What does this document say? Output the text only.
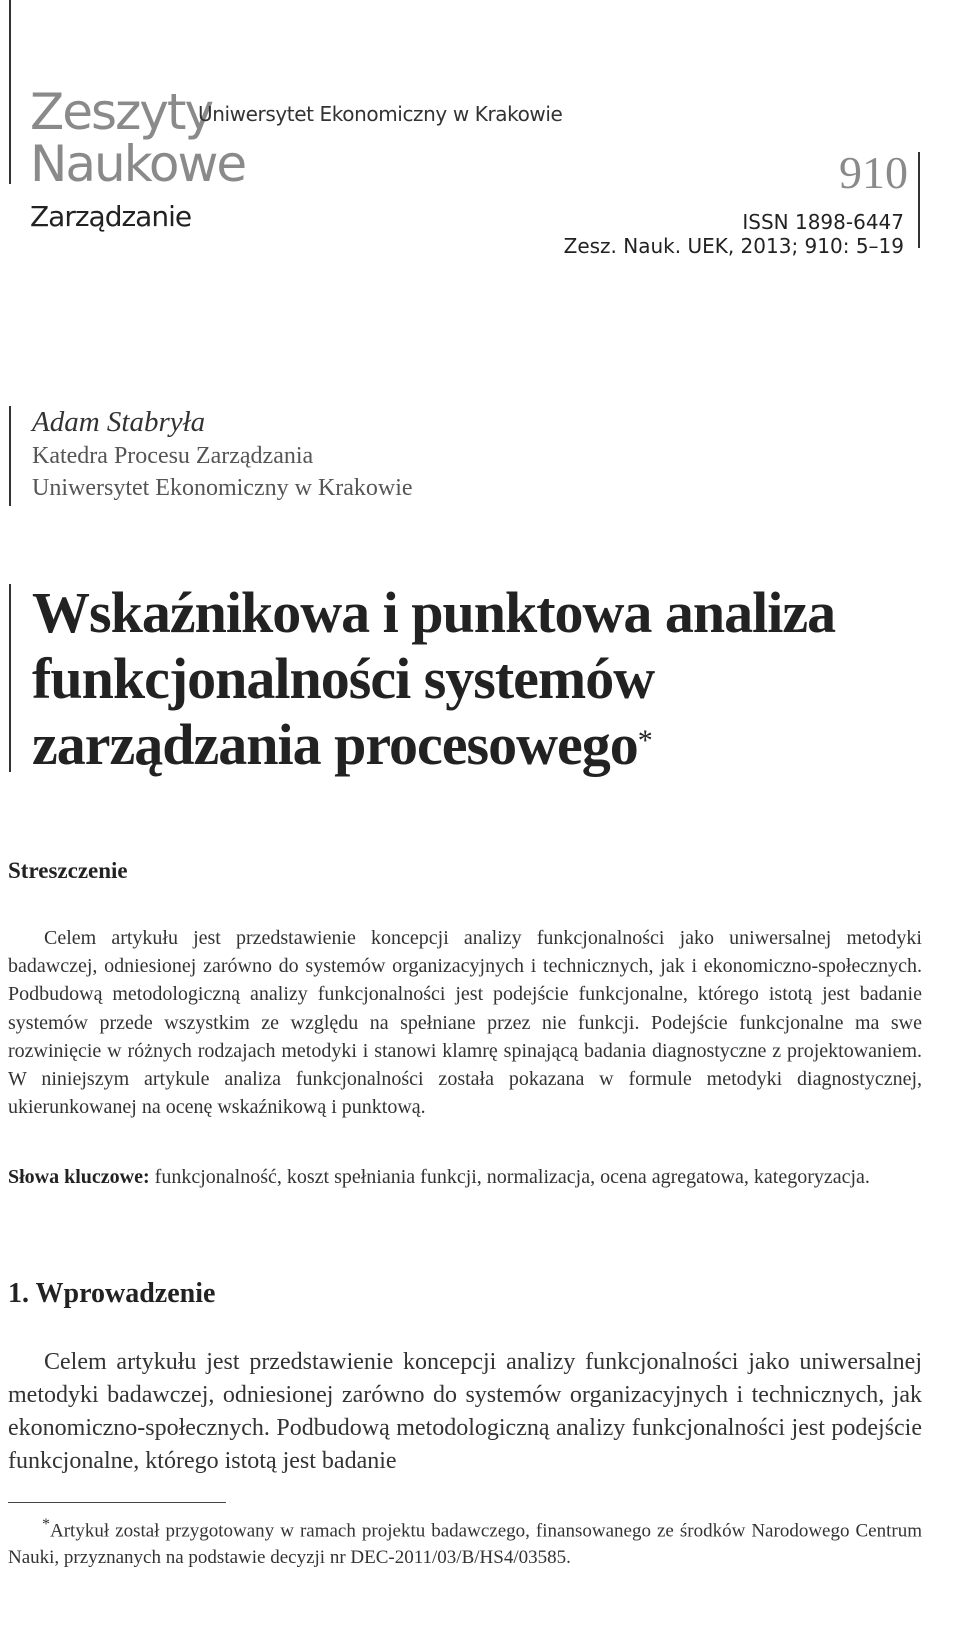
Zeszyty
Naukowe
Uniwersytet Ekonomiczny w Krakowie
Zarządzanie
910
ISSN 1898-6447
Zesz. Nauk. UEK, 2013; 910: 5–19
Adam Stabryła
Katedra Procesu Zarządzania
Uniwersytet Ekonomiczny w Krakowie
Wskaźnikowa i punktowa analiza funkcjonalności systemów zarządzania procesowego*
Streszczenie

Celem artykułu jest przedstawienie koncepcji analizy funkcjonalności jako uniwersalnej metodyki badawczej, odniesionej zarówno do systemów organizacyjnych i technicznych, jak i ekonomiczno-społecznych. Podbudową metodologiczną analizy funkcjonalności jest podejście funkcjonalne, którego istotą jest badanie systemów przede wszystkim ze względu na spełniane przez nie funkcji. Podejście funkcjonalne ma swe rozwinięcie w różnych rodzajach metodyki i stanowi klamrę spinającą badania diagnostyczne z projektowaniem. W niniejszym artykule analiza funkcjonalności została pokazana w formule metodyki diagnostycznej, ukierunkowanej na ocenę wskaźnikową i punktową.

Słowa kluczowe: funkcjonalność, koszt spełniania funkcji, normalizacja, ocena agregatowa, kategoryzacja.

1. Wprowadzenie

Celem artykułu jest przedstawienie koncepcji analizy funkcjonalności jako uniwersalnej metodyki badawczej, odniesionej zarówno do systemów organizacyjnych i technicznych, jak ekonomiczno-społecznych. Podbudową metodologiczną analizy funkcjonalności jest podejście funkcjonalne, którego istotą jest badanie

*Artykuł został przygotowany w ramach projektu badawczego, finansowanego ze środków Narodowego Centrum Nauki, przyznanych na podstawie decyzji nr DEC-2011/03/B/HS4/03585.
